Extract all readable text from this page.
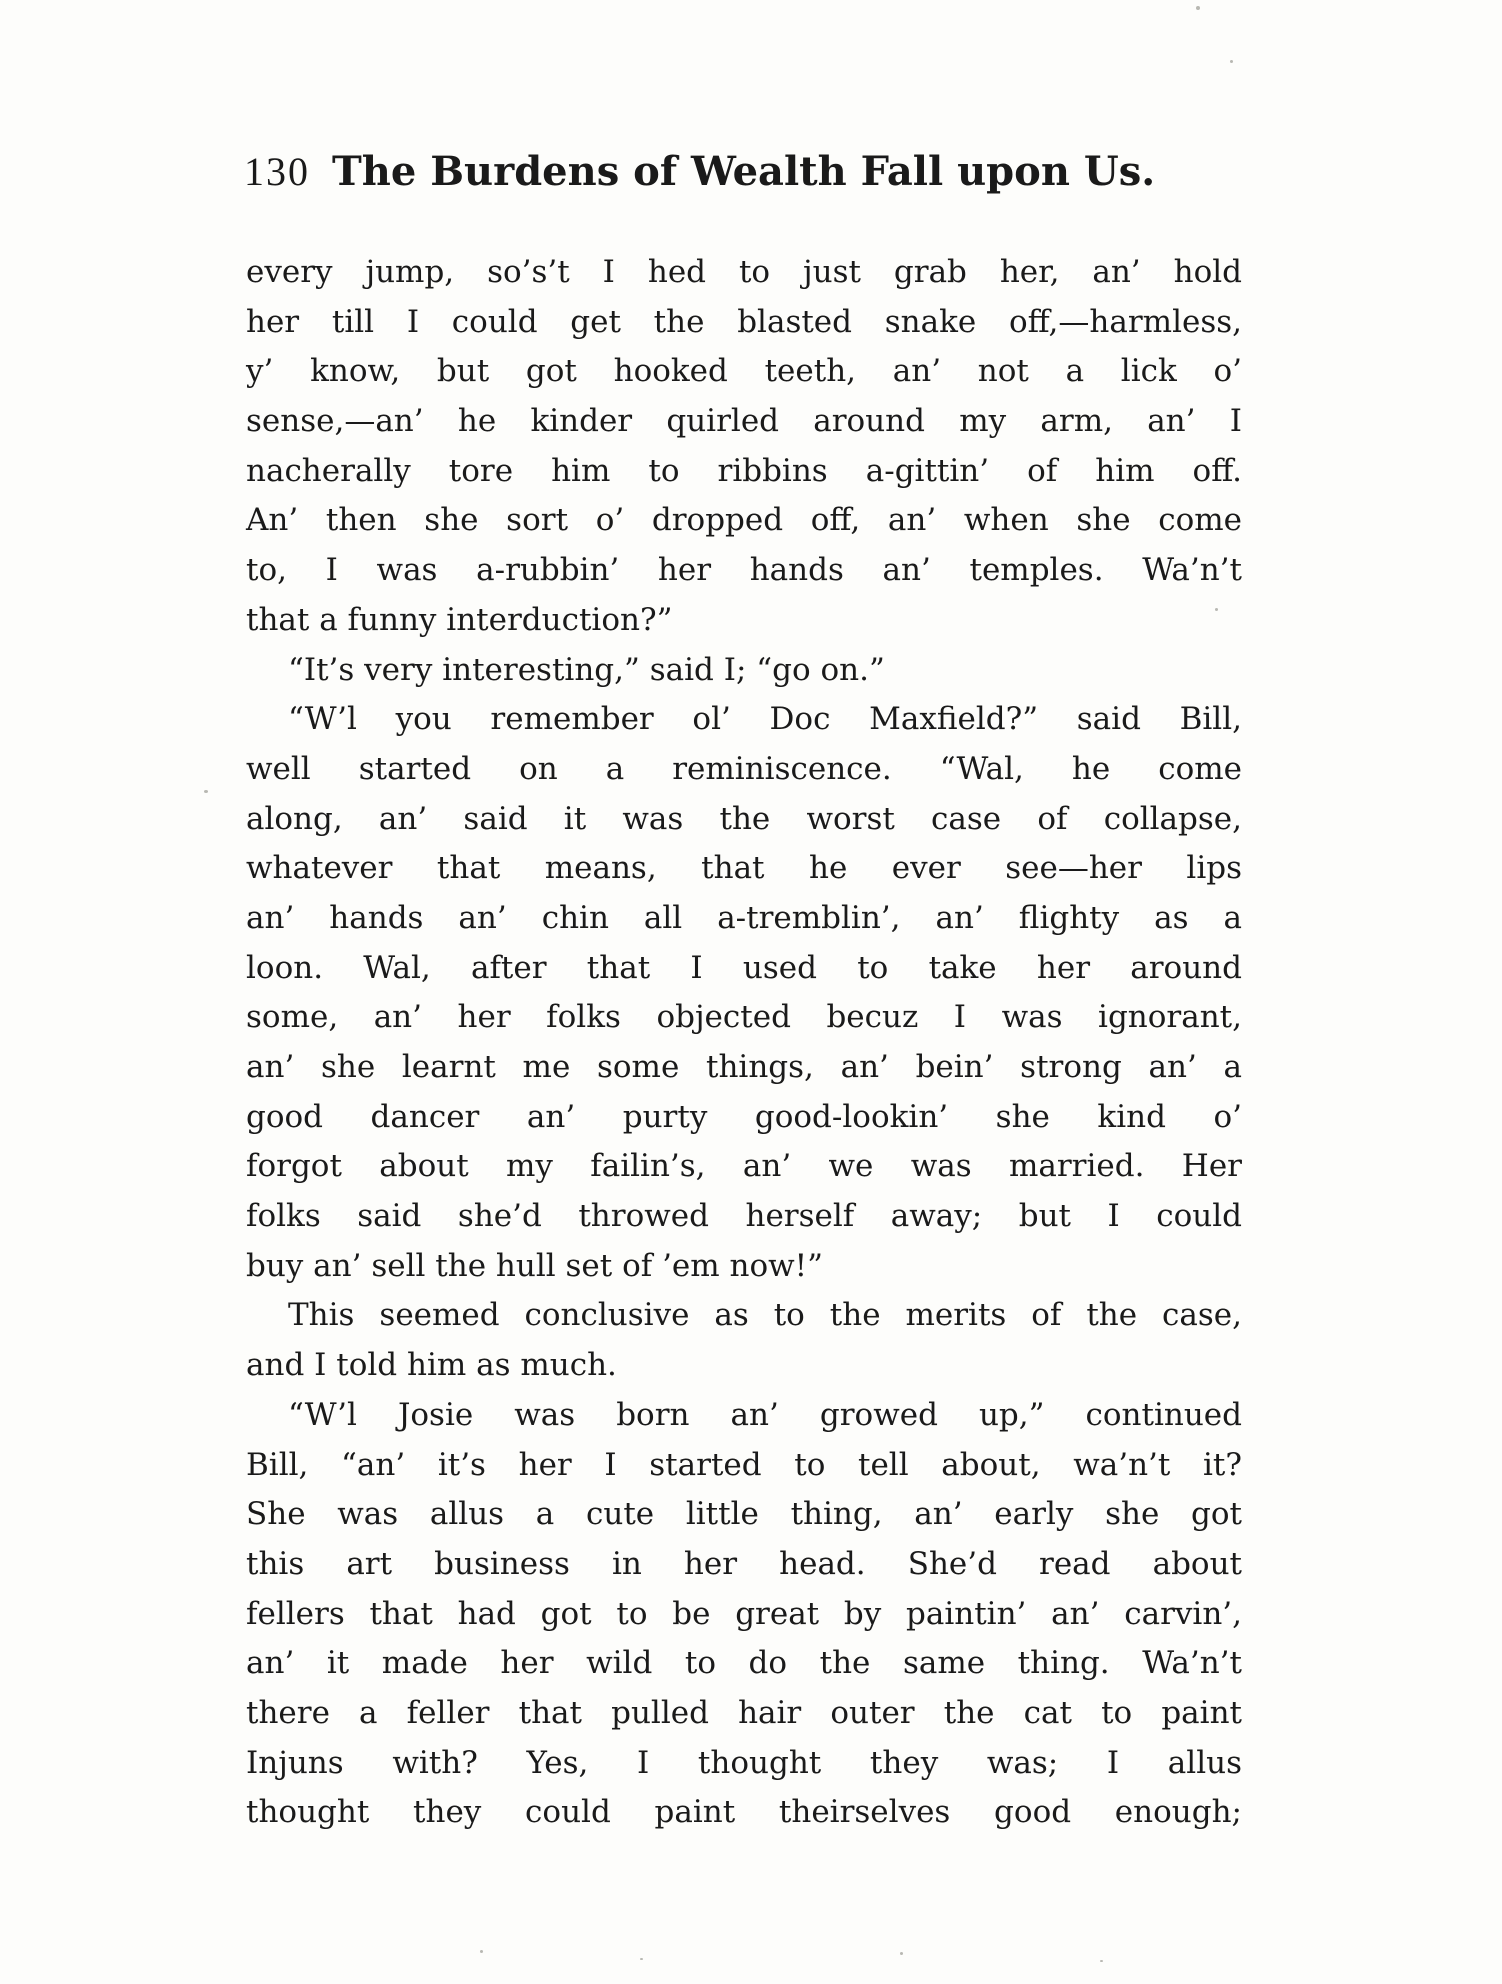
130 The Burdens of Wealth Fall upon Us.
every jump, so’s’t I hed to just grab her, an’ hold
her till I could get the blasted snake off,—harmless,
y’ know, but got hooked teeth, an’ not a lick o’
sense,—an’ he kinder quirled around my arm, an’ I
nacherally tore him to ribbins a-gittin’ of him off.
An’ then she sort o’ dropped off, an’ when she come
to, I was a-rubbin’ her hands an’ temples. Wa’n’t
that a funny interduction?”
“It’s very interesting,” said I; “go on.”
“W’l you remember ol’ Doc Maxfield?” said Bill,
well started on a reminiscence. “Wal, he come
along, an’ said it was the worst case of collapse,
whatever that means, that he ever see—her lips
an’ hands an’ chin all a-tremblin’, an’ flighty as a
loon. Wal, after that I used to take her around
some, an’ her folks objected becuz I was ignorant,
an’ she learnt me some things, an’ bein’ strong an’ a
good dancer an’ purty good-lookin’ she kind o’
forgot about my failin’s, an’ we was married. Her
folks said she’d throwed herself away; but I could
buy an’ sell the hull set of ’em now!”
This seemed conclusive as to the merits of the case,
and I told him as much.
“W’l Josie was born an’ growed up,” continued
Bill, “an’ it’s her I started to tell about, wa’n’t it?
She was allus a cute little thing, an’ early she got
this art business in her head. She’d read about
fellers that had got to be great by paintin’ an’ carvin’,
an’ it made her wild to do the same thing. Wa’n’t
there a feller that pulled hair outer the cat to paint
Injuns with? Yes, I thought they was; I allus
thought they could paint theirselves good enough;
